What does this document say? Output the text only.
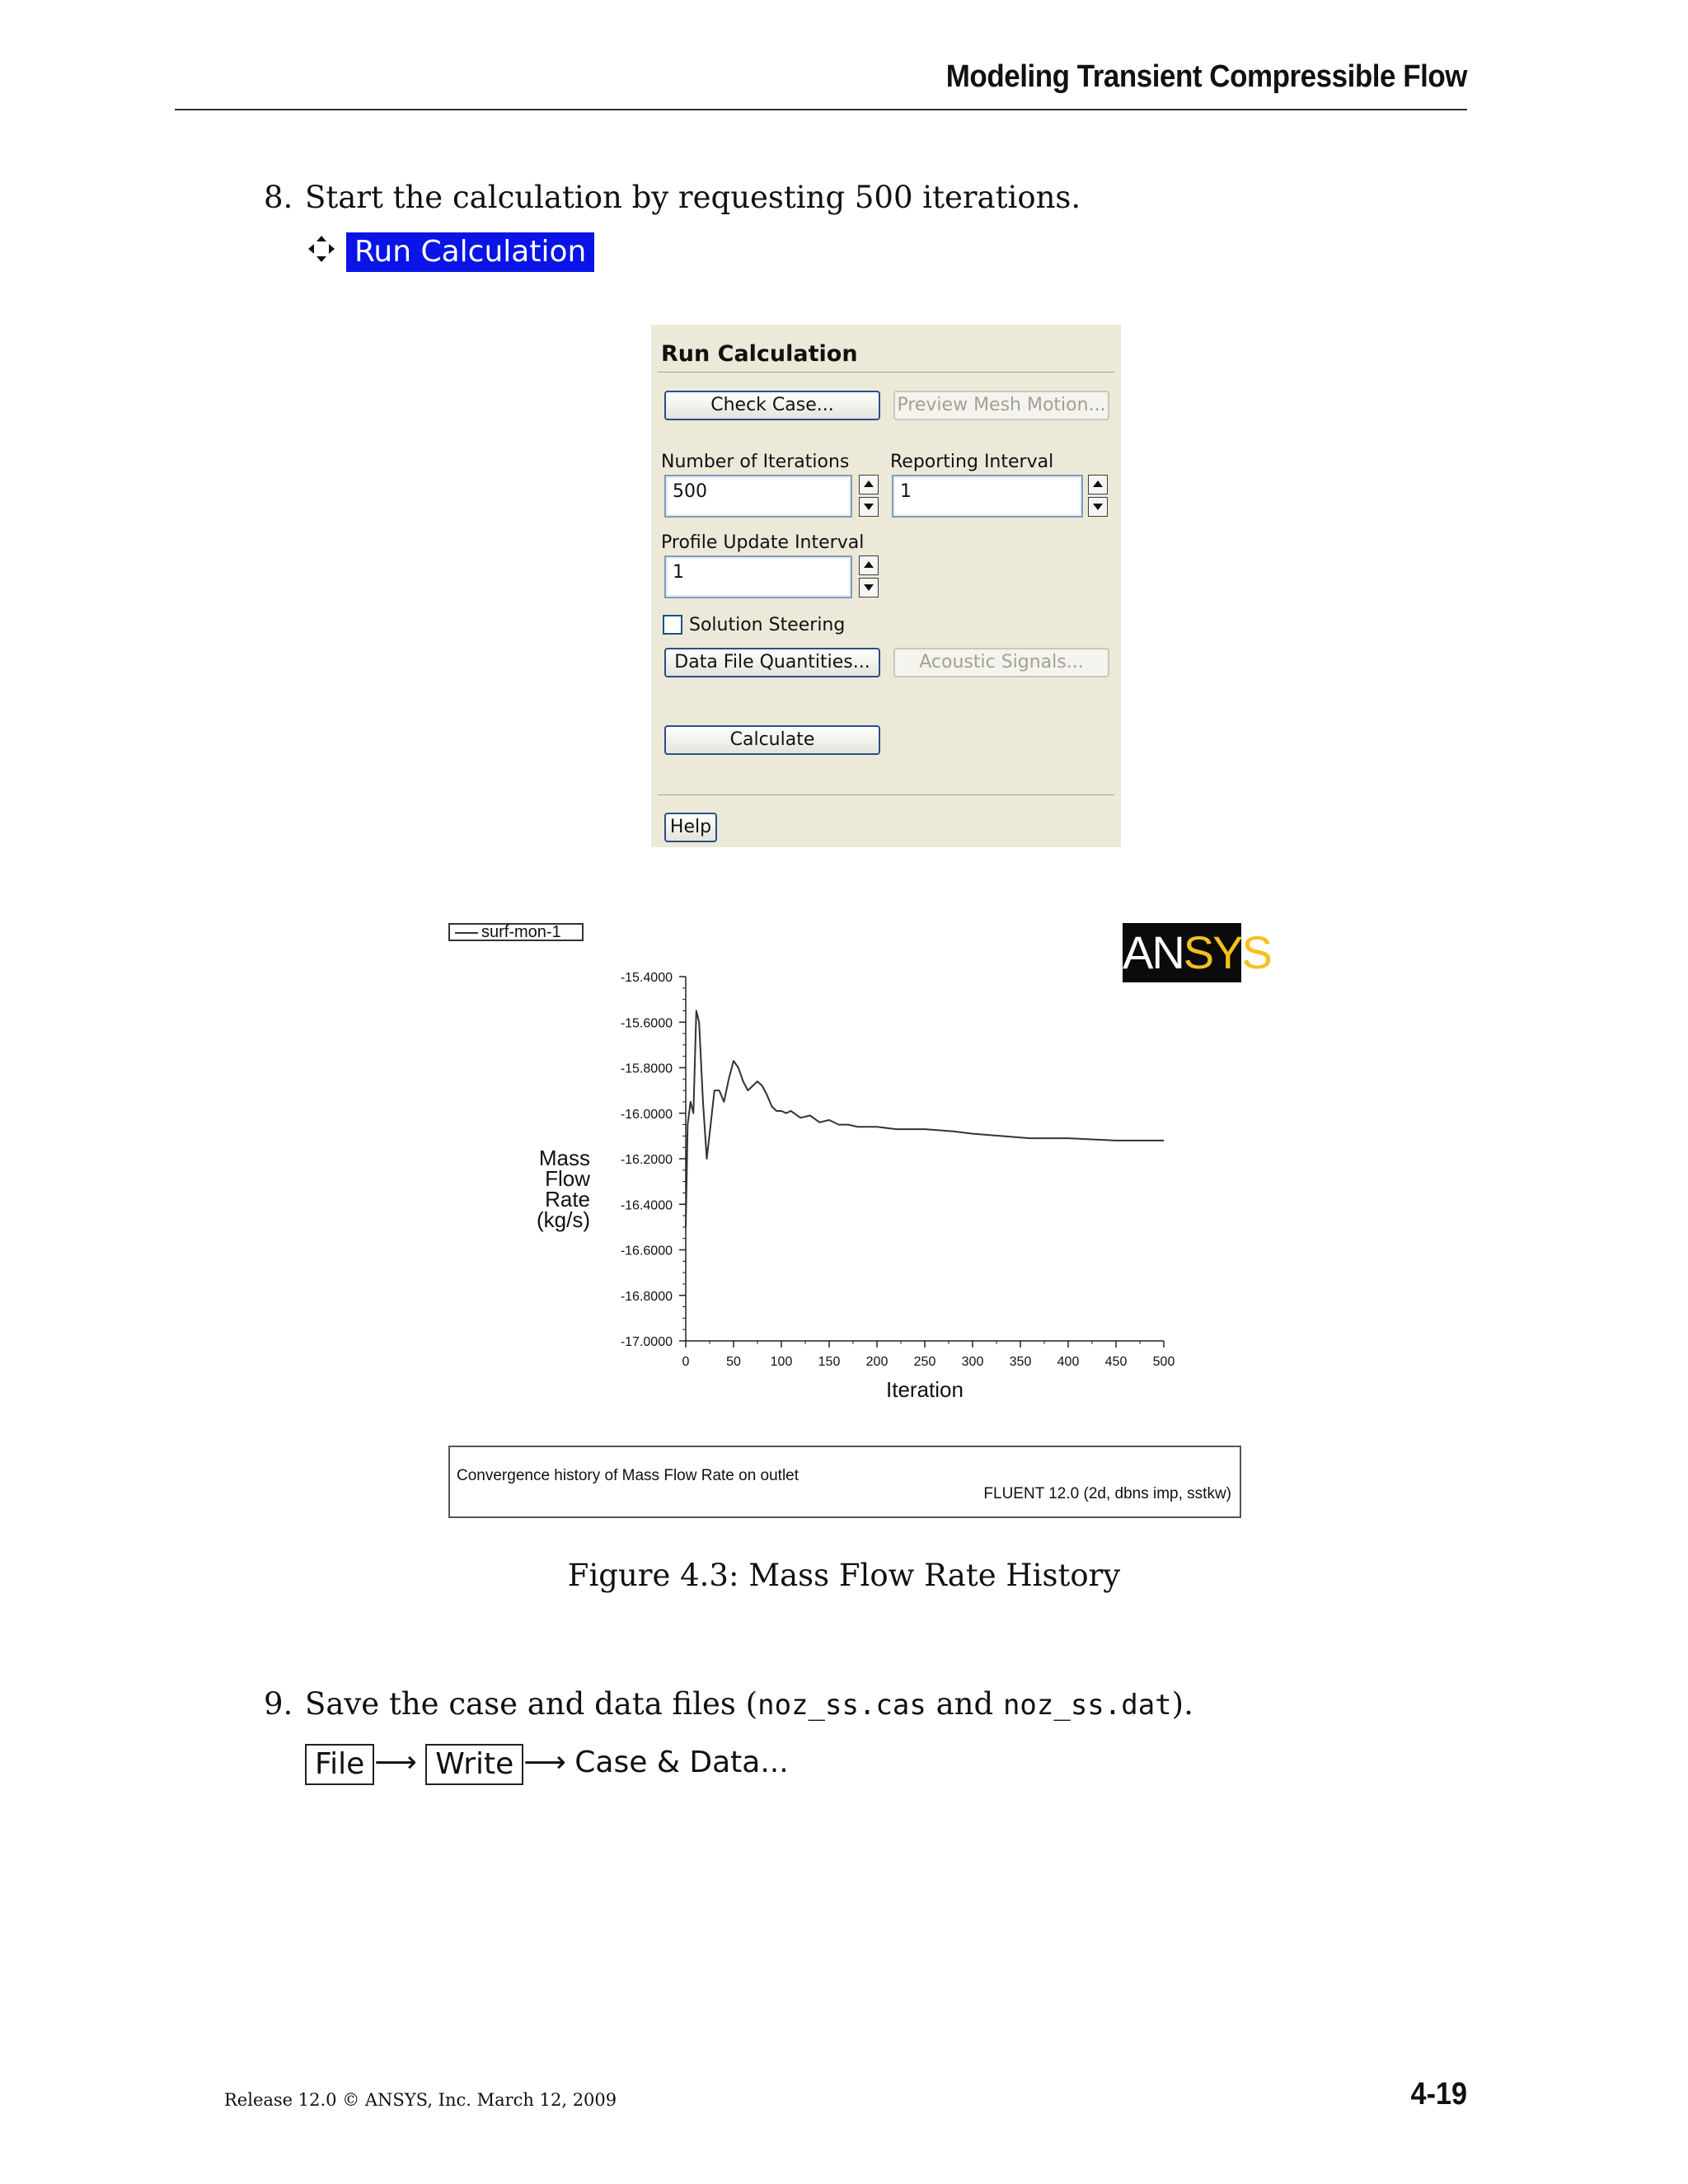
Modeling Transient Compressible Flow
8. Start the calculation by requesting 500 iterations.
Run Calculation
Run Calculation
Check Case...	Preview Mesh Motion...
Number of Iterations
500
Reporting Interval
1
Profile Update Interval
1
Solution Steering
Data File Quantities...	Acoustic Signals...
Calculate
Help
surf-mon-1	ANSYS
-15.4000
-15.6000
-15.8000
-16.0000
-16.2000
-16.4000
-16.6000
-16.8000
-17.0000
0	50 100 150 200 250 300 350 400 450 500
Iteration
Mass Flow Rate (kg/s)
Convergence history of Mass Flow Rate on outlet
FLUENT 12.0 (2d, dbns imp, sstkw)
Figure 4.3: Mass Flow Rate History
9. Save the case and data files (noz_ss.cas and noz_ss.dat).
File ⟶ Write ⟶ Case & Data...
Release 12.0 © ANSYS, Inc. March 12, 2009	4-19
